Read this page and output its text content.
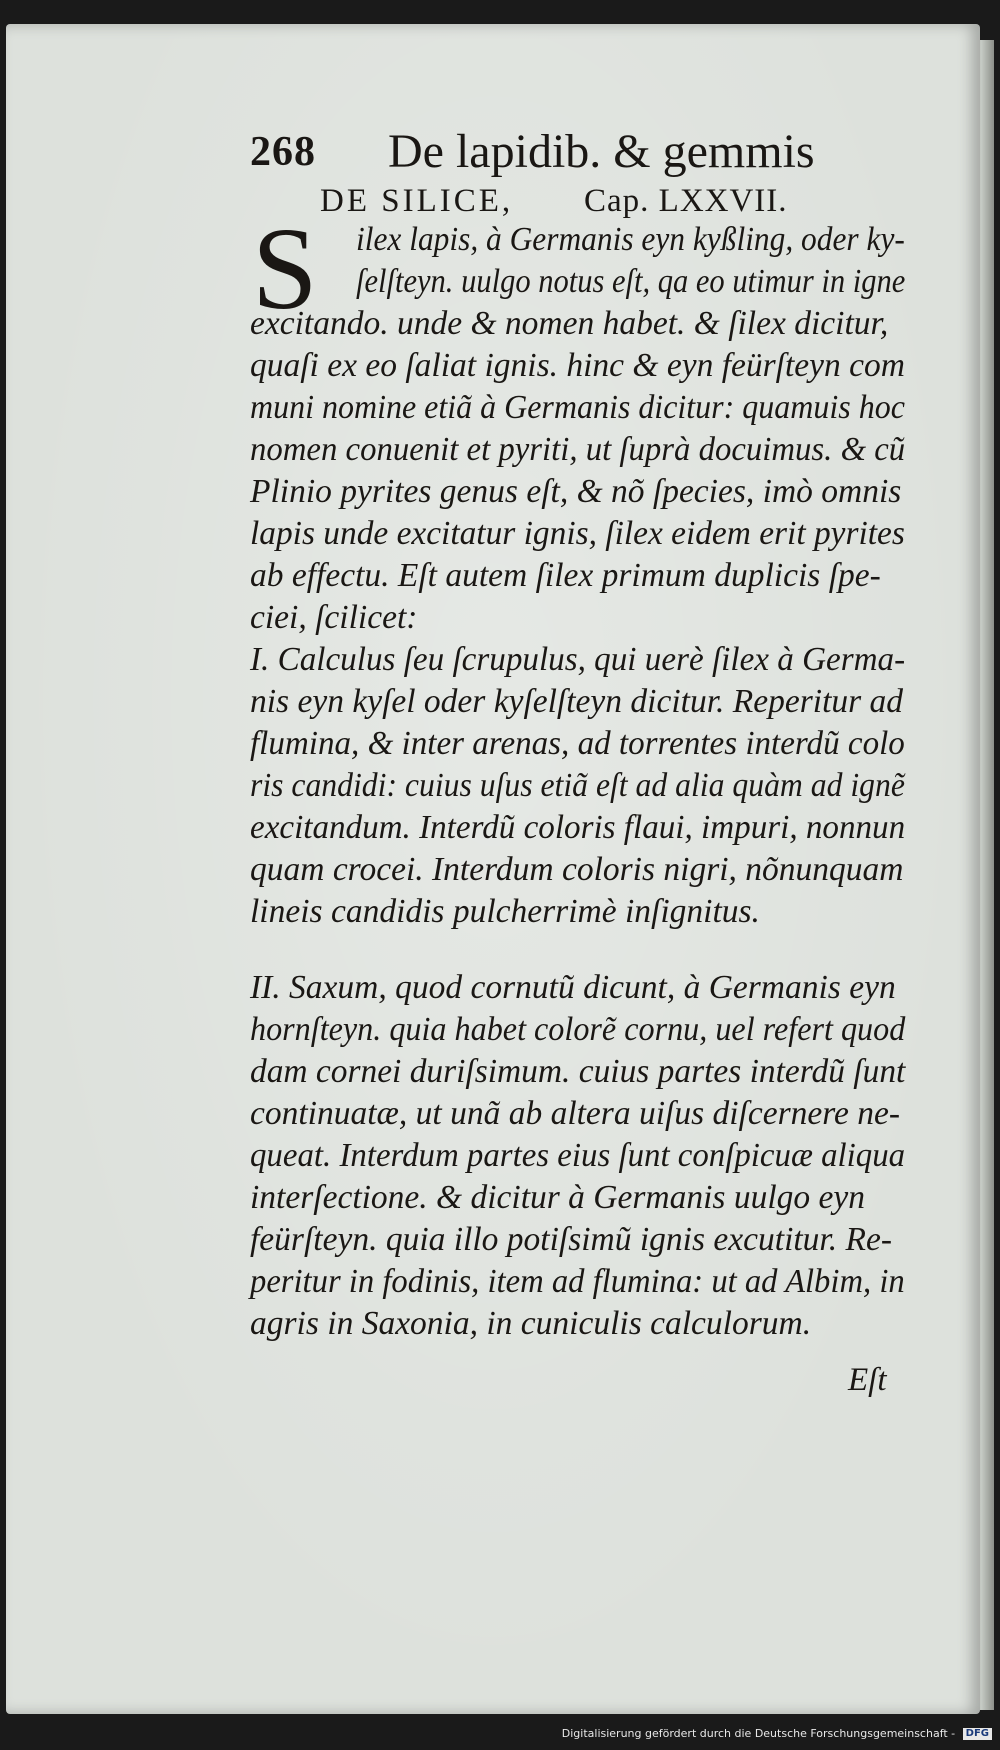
268 De lapidib. & gemmis
DE SILICE, Cap. LXXVII.
S ilex lapis, à Germanis eyn kyßling, oder ky-
ſelſteyn. uulgo notus eſt, qa eo utimur in igne
excitando. unde & nomen habet. & ſilex dicitur,
quaſi ex eo ſaliat ignis. hinc & eyn feürſteyn com
muni nomine etiã à Germanis dicitur: quamuis hoc
nomen conuenit et pyriti, ut ſuprà docuimus. & cũ
Plinio pyrites genus eſt, & nõ ſpecies, imò omnis
lapis unde excitatur ignis, ſilex eidem erit pyrites
ab effectu. Eſt autem ſilex primum duplicis ſpe-
ciei, ſcilicet:
I. Calculus ſeu ſcrupulus, qui uerè ſilex à Germa-
nis eyn kyſel oder kyſelſteyn dicitur. Reperitur ad
flumina, & inter arenas, ad torrentes interdũ colo
ris candidi: cuius uſus etiã eſt ad alia quàm ad ignẽ
excitandum. Interdũ coloris flaui, impuri, nonnun
quam crocei. Interdum coloris nigri, nõnunquam
lineis candidis pulcherrimè inſignitus.
II. Saxum, quod cornutũ dicunt, à Germanis eyn
hornſteyn. quia habet colorẽ cornu, uel refert quod
dam cornei duriſsimum. cuius partes interdũ ſunt
continuatæ, ut unã ab altera uiſus diſcernere ne-
queat. Interdum partes eius ſunt conſpicuæ aliqua
interſectione. & dicitur à Germanis uulgo eyn
feürſteyn. quia illo potiſsimũ ignis excutitur. Re-
peritur in fodinis, item ad flumina: ut ad Albim, in
agris in Saxonia, in cuniculis calculorum.
Eſt
Digitalisierung gefördert durch die Deutsche Forschungsgemeinschaft - DFG
